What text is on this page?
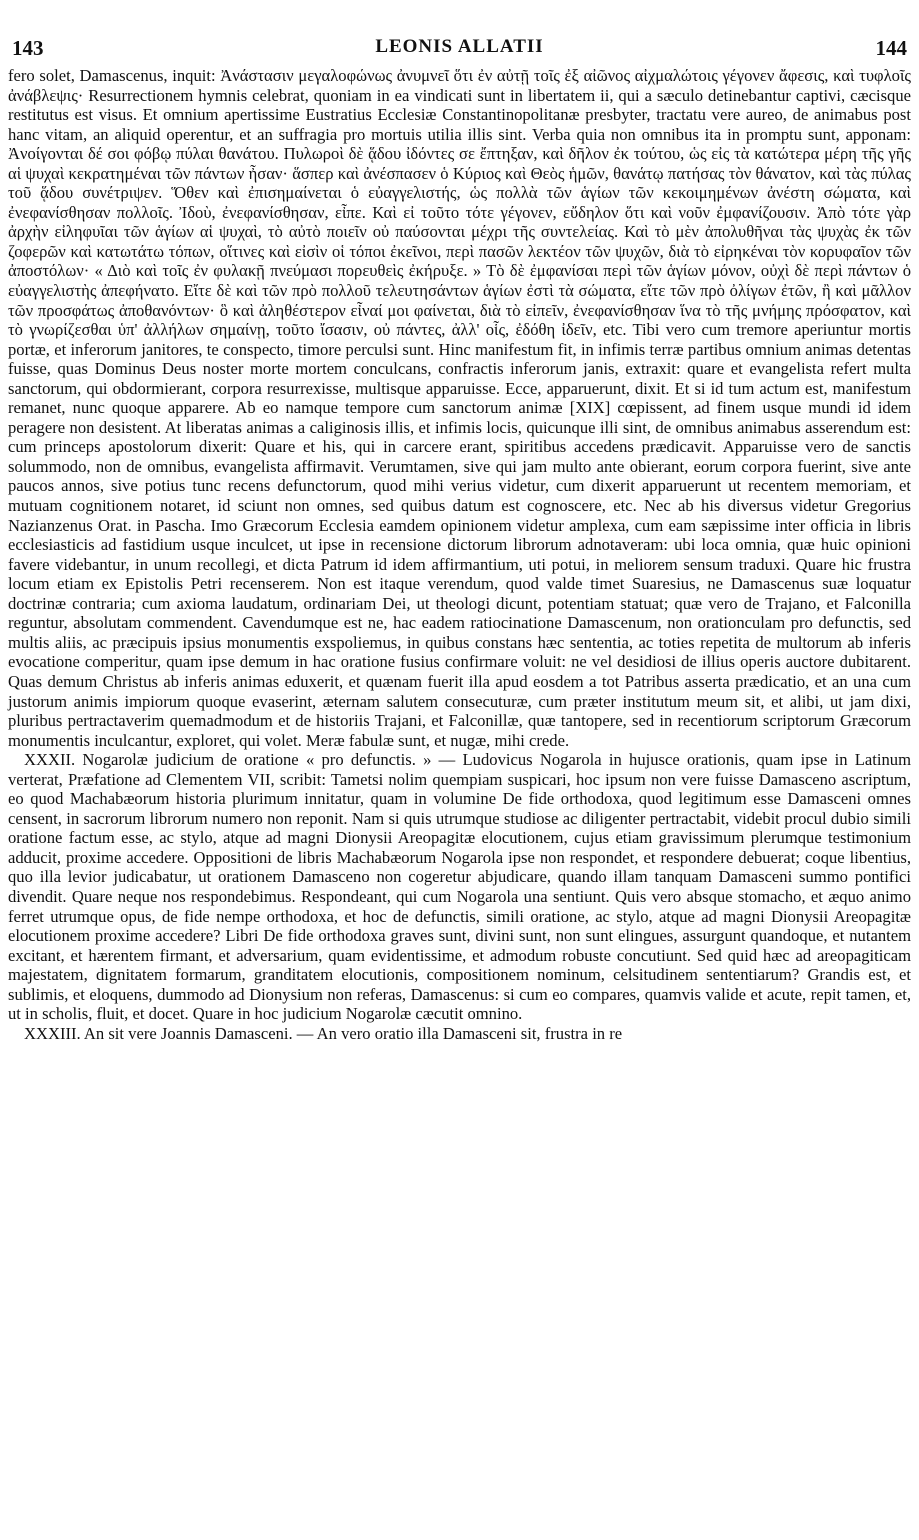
143	LEONIS ALLATII	144

fero solet, Damascenus, inquit: Ἀνάστασιν μεγαλοφώνως ἀνυμνεῖ ὅτι ἐν αὐτῇ τοῖς ἐξ αἰῶνος αἰχμαλώτοις γέγονεν ἄφεσις, καὶ τυφλοῖς ἀνάβλεψις· Resurrectionem hymnis celebrat, quoniam in ea vindicati sunt in libertatem ii, qui a sæculo detinebantur captivi, cæcisque restitutus est visus. Et omnium apertissime Eustratius Ecclesiæ Constantinopolitanæ presbyter, tractatu vere aureo, de animabus post hanc vitam, an aliquid operentur, et an suffragia pro mortuis utilia illis sint. Verba quia non omnibus ita in promptu sunt, apponam: Ἀνοίγονται δέ σοι φόβῳ πύλαι θανάτου. Πυλωροὶ δὲ ᾅδου ἰδόντες σε ἔπτηξαν, καὶ δῆλον ἐκ τούτου, ὡς εἰς τὰ κατώτερα μέρη τῆς γῆς αἱ ψυχαὶ κεκρατημέναι τῶν πάντων ἦσαν· ἅσπερ καὶ ἀνέσπασεν ὁ Κύριος καὶ Θεὸς ἡμῶν, θανάτῳ πατήσας τὸν θάνατον, καὶ τὰς πύλας τοῦ ᾅδου συνέτριψεν. Ὅθεν καὶ ἐπισημαίνεται ὁ εὐαγγελιστής, ὡς πολλὰ τῶν ἁγίων τῶν κεκοιμημένων ἀνέστη σώματα, καὶ ἐνεφανίσθησαν πολλοῖς. Ἰδοὺ, ἐνεφανίσθησαν, εἶπε. Καὶ εἰ τοῦτο τότε γέγονεν, εὔδηλον ὅτι καὶ νοῦν ἐμφανίζουσιν. Ἀπὸ τότε γὰρ ἀρχὴν εἰληφυῖαι τῶν ἁγίων αἱ ψυχαὶ, τὸ αὐτὸ ποιεῖν οὐ παύσονται μέχρι τῆς συντελείας. Καὶ τὸ μὲν ἀπολυθῆναι τὰς ψυχὰς ἐκ τῶν ζοφερῶν καὶ κατωτάτω τόπων, οἵτινες καὶ εἰσὶν οἱ τόποι ἐκεῖνοι, περὶ πασῶν λεκτέον τῶν ψυχῶν, διὰ τὸ εἰρηκέναι τὸν κορυφαῖον τῶν ἀποστόλων· « Διὸ καὶ τοῖς ἐν φυλακῇ πνεύμασι πορευθεὶς ἐκήρυξε. » Τὸ δὲ ἐμφανίσαι περὶ τῶν ἁγίων μόνον, οὐχὶ δὲ περὶ πάντων ὁ εὐαγγελιστὴς ἀπεφήνατο. Εἴτε δὲ καὶ τῶν πρὸ πολλοῦ τελευτησάντων ἁγίων ἐστὶ τὰ σώματα, εἴτε τῶν πρὸ ὀλίγων ἐτῶν, ἢ καὶ μᾶλλον τῶν προσφάτως ἀποθανόντων· ὃ καὶ ἀληθέστερον εἶναί μοι φαίνεται, διὰ τὸ εἰπεῖν, ἐνεφανίσθησαν ἵνα τὸ τῆς μνήμης πρόσφατον, καὶ τὸ γνωρίζεσθαι ὑπ' ἀλλήλων σημαίνῃ, τοῦτο ἴσασιν, οὐ πάντες, ἀλλ' οἷς, ἐδόθη ἰδεῖν, etc. Tibi vero cum tremore aperiuntur mortis portæ, et inferorum janitores, te conspecto, timore perculsi sunt. Hinc manifestum fit, in infimis terræ partibus omnium animas detentas fuisse, quas Dominus Deus noster morte mortem conculcans, confractis inferorum janis, extraxit: quare et evangelista refert multa sanctorum, qui obdormierant, corpora resurrexisse, multisque apparuisse. Ecce, apparuerunt, dixit. Et si id tum actum est, manifestum remanet, nunc quoque apparere. Ab eo namque tempore cum sanctorum animæ [XIX] cœpissent, ad finem usque mundi id idem peragere non desistent. At liberatas animas a caliginosis illis, et infimis locis, quicunque illi sint, de omnibus animabus asserendum est: cum princeps apostolorum dixerit: Quare et his, qui in carcere erant, spiritibus accedens prædicavit. Apparuisse vero de sanctis solummodo, non de omnibus, evangelista affirmavit. Verumtamen, sive qui jam multo ante obierant, eorum corpora fuerint, sive ante paucos annos, sive potius tunc recens defunctorum, quod mihi verius videtur, cum dixerit apparuerunt ut recentem memoriam, et mutuam cognitionem notaret, id sciunt non omnes, sed quibus datum est cognoscere, etc. Nec ab his diversus videtur Gregorius Nazianzenus Orat. in Pascha. Imo Græcorum Ecclesia eamdem opinionem videtur amplexa, cum eam sæpissime inter officia in libris ecclesiasticis ad fastidium usque inculcet, ut ipse in recensione dictorum librorum adnotaveram: ubi loca omnia, quæ huic opinioni favere videbantur, in unum recollegi, et dicta Patrum id idem affirmantium, uti potui, in meliorem sensum traduxi. Quare hic frustra locum etiam ex Epistolis Petri recenserem. Non est itaque verendum, quod valde timet Suaresius, ne Damascenus suæ loquatur doctrinæ contraria; cum axioma laudatum, ordinariam Dei, ut theologi dicunt, potentiam statuat; quæ vero de Trajano, et Falconilla reguntur, absolutam commendent. Cavendumque est ne, hac eadem ratiocinatione Damascenum, non orationculam pro defunctis, sed multis aliis, ac præcipuis ipsius monumentis exspoliemus, in quibus constans hæc sententia, ac toties repetita de multorum ab inferis evocatione comperitur, quam ipse demum in hac oratione fusius confirmare voluit: ne vel desidiosi de illius operis auctore dubitarent. Quas demum Christus ab inferis animas eduxerit, et quænam fuerit illa apud eosdem a tot Patribus asserta prædicatio, et an una cum justorum animis impiorum quoque evaserint, æternam salutem consecuturæ, cum præter institutum meum sit, et alibi, ut jam dixi, pluribus pertractaverim quemadmodum et de historiis Trajani, et Falconillæ, quæ tantopere, sed in recentiorum scriptorum Græcorum monumentis inculcantur, exploret, qui volet. Meræ fabulæ sunt, et nugæ, mihi crede.

XXXII. Nogarolæ judicium de oratione « pro defunctis. » — Ludovicus Nogarola in hujusce orationis, quam ipse in Latinum verterat, Præfatione ad Clementem VII, scribit: Tametsi nolim quempiam suspicari, hoc ipsum non vere fuisse Damasceno ascriptum, eo quod Machabæorum historia plurimum innitatur, quam in volumine De fide orthodoxa, quod legitimum esse Damasceni omnes censent, in sacrorum librorum numero non reponit. Nam si quis utrumque studiose ac diligenter pertractabit, videbit procul dubio simili oratione factum esse, ac stylo, atque ad magni Dionysii Areopagitæ elocutionem, cujus etiam gravissimum plerumque testimonium adducit, proxime accedere. Oppositioni de libris Machabæorum Nogarola ipse non respondet, et respondere debuerat; coque libentius, quo illa levior judicabatur, ut orationem Damasceno non cogeretur abjudicare, quando illam tanquam Damasceni summo pontifici divendit. Quare neque nos respondebimus. Respondeant, qui cum Nogarola una sentiunt. Quis vero absque stomacho, et æquo animo ferret utrumque opus, de fide nempe orthodoxa, et hoc de defunctis, simili oratione, ac stylo, atque ad magni Dionysii Areopagitæ elocutionem proxime accedere? Libri De fide orthodoxa graves sunt, divini sunt, non sunt elingues, assurgunt quandoque, et nutantem excitant, et hærentem firmant, et adversarium, quam evidentissime, et admodum robuste concutiunt. Sed quid hæc ad areopagiticam majestatem, dignitatem formarum, granditatem elocutionis, compositionem nominum, celsitudinem sententiarum? Grandis est, et sublimis, et eloquens, dummodo ad Dionysium non referas, Damascenus: si cum eo compares, quamvis valide et acute, repit tamen, et, ut in scholis, fluit, et docet. Quare in hoc judicium Nogarolæ cæcutit omnino.

XXXIII. An sit vere Joannis Damasceni. — An vero oratio illa Damasceni sit, frustra in re
